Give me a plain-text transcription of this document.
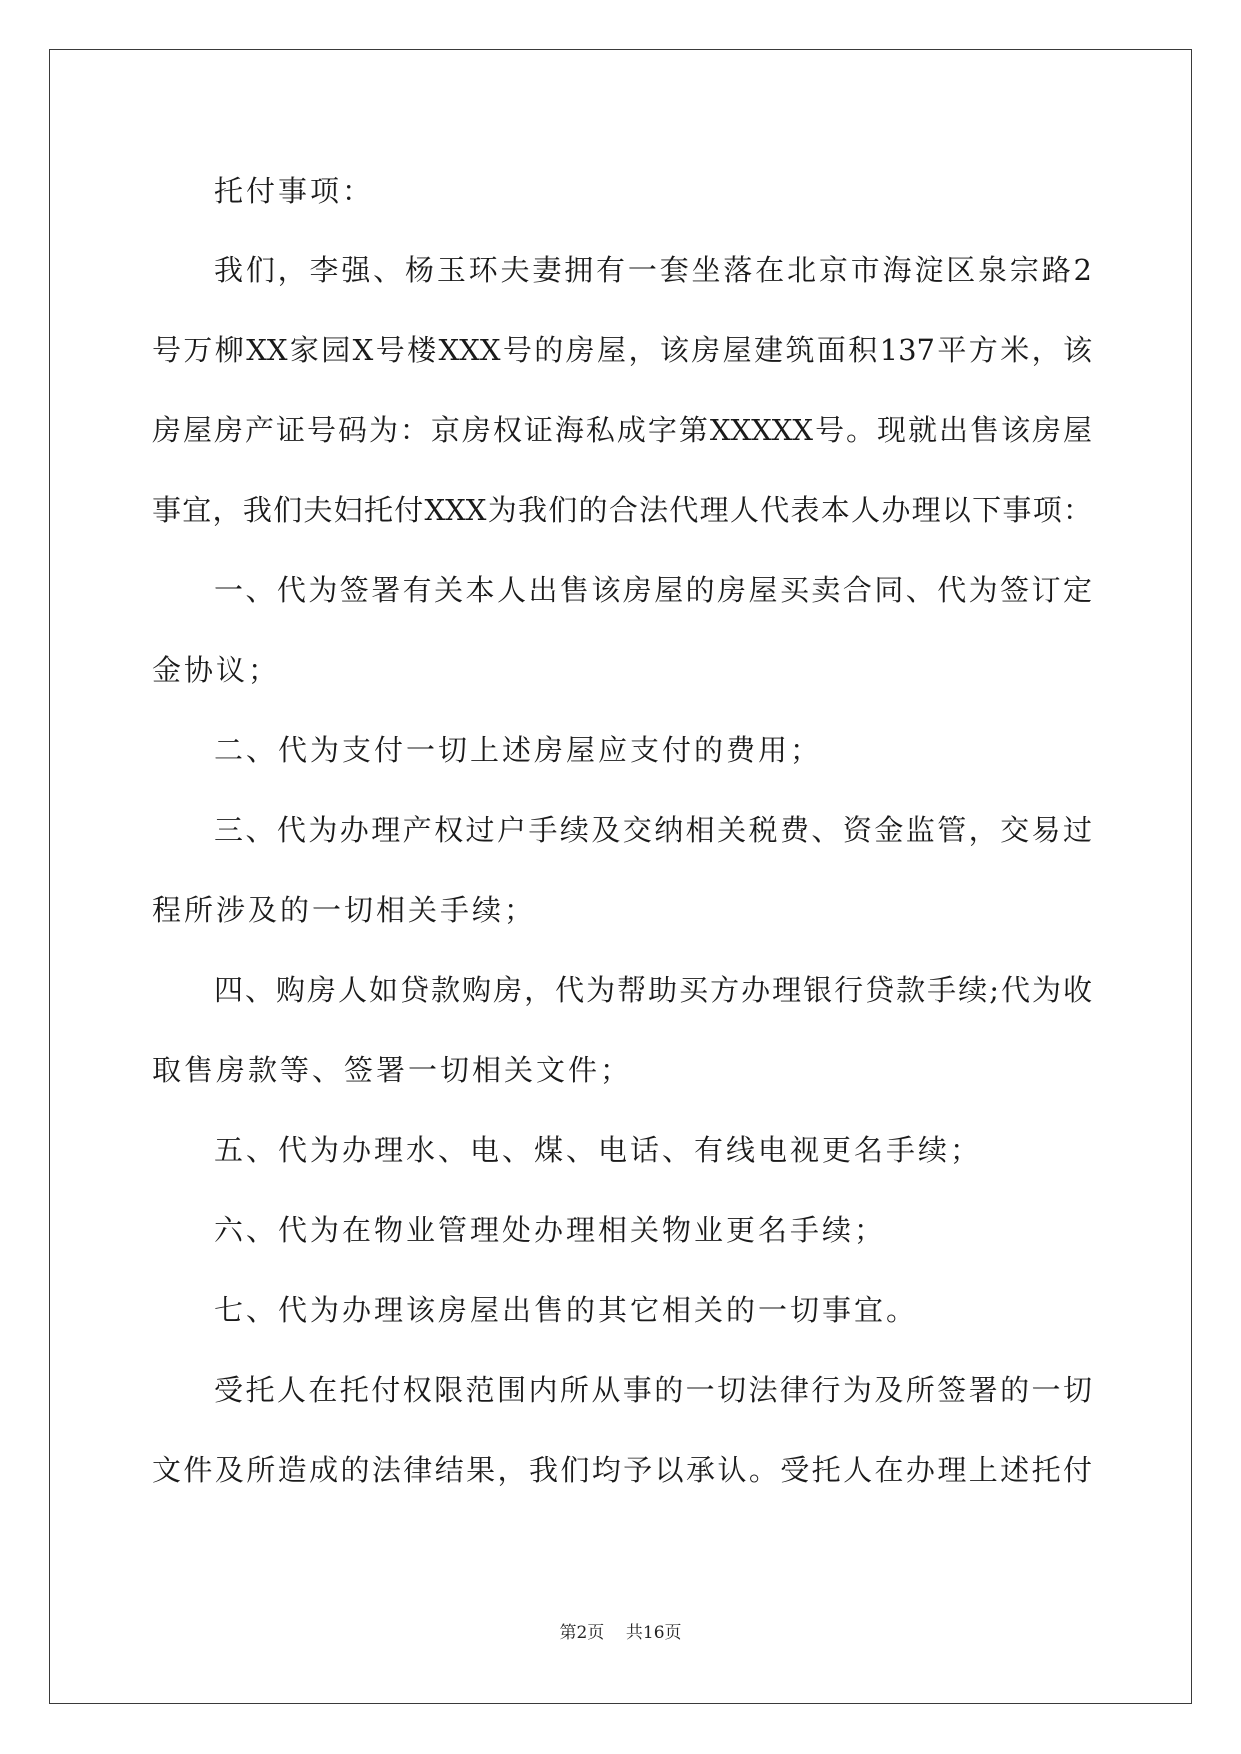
托付事项：
我们，李强、杨玉环夫妻拥有一套坐落在北京市海淀区泉宗路2
号万柳XX家园X号楼XXX号的房屋，该房屋建筑面积137平方米，该
房屋房产证号码为：京房权证海私成字第XXXXX号。现就出售该房屋
事宜，我们夫妇托付XXX为我们的合法代理人代表本人办理以下事项：
一、代为签署有关本人出售该房屋的房屋买卖合同、代为签订定
金协议；
二、代为支付一切上述房屋应支付的费用；
三、代为办理产权过户手续及交纳相关税费、资金监管，交易过
程所涉及的一切相关手续；
四、购房人如贷款购房，代为帮助买方办理银行贷款手续;代为收
取售房款等、签署一切相关文件；
五、代为办理水、电、煤、电话、有线电视更名手续；
六、代为在物业管理处办理相关物业更名手续；
七、代为办理该房屋出售的其它相关的一切事宜。
受托人在托付权限范围内所从事的一切法律行为及所签署的一切
文件及所造成的法律结果，我们均予以承认。受托人在办理上述托付
第2页 共16页
